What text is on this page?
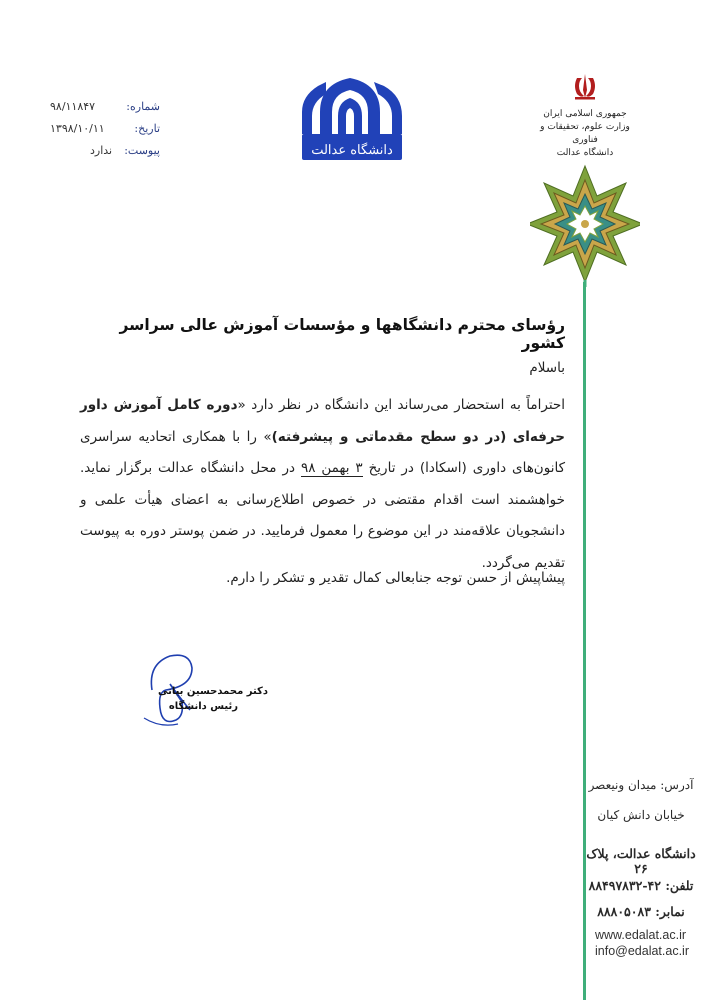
شماره:
۹۸/۱۱۸۴۷
تاریخ:
۱۳۹۸/۱۰/۱۱
پیوست:
ندارد	دانشگاه عدالت
جمهوری اسلامی ایران
وزارت علوم، تحقیقات و فناوری
دانشگاه عدالت
رؤسای محترم دانشگاهها و مؤسسات آموزش عالی سراسر کشور
باسلام
احتراماً به استحضار می‌رساند این دانشگاه در نظر دارد «دوره کامل آموزش داور حرفه‌ای (در دو سطح مقدماتی و پیشرفته)» را با همکاری اتحادیه سراسری کانون‌های داوری (اسکادا) در تاریخ ۳ بهمن ۹۸ در محل دانشگاه عدالت برگزار نماید. خواهشمند است اقدام مقتضی در خصوص اطلاع‌رسانی به اعضای هیأت علمی و دانشجویان علاقه‌مند در این موضوع را معمول فرمایید. در ضمن پوستر دوره به پیوست تقدیم می‌گردد.
پیشاپیش از حسن توجه جنابعالی کمال تقدیر و تشکر را دارم.
دکتر محمدحسین بیانی
رئیس دانشگاه
آدرس: میدان ونیعصر
خیابان دانش کیان
دانشگاه عدالت، پلاک ۲۶
تلفن: ۴۲-۸۸۴۹۷۸۳۲
نمابر: ۸۸۸۰۵۰۸۳
www.edalat.ac.ir
info@edalat.ac.ir
